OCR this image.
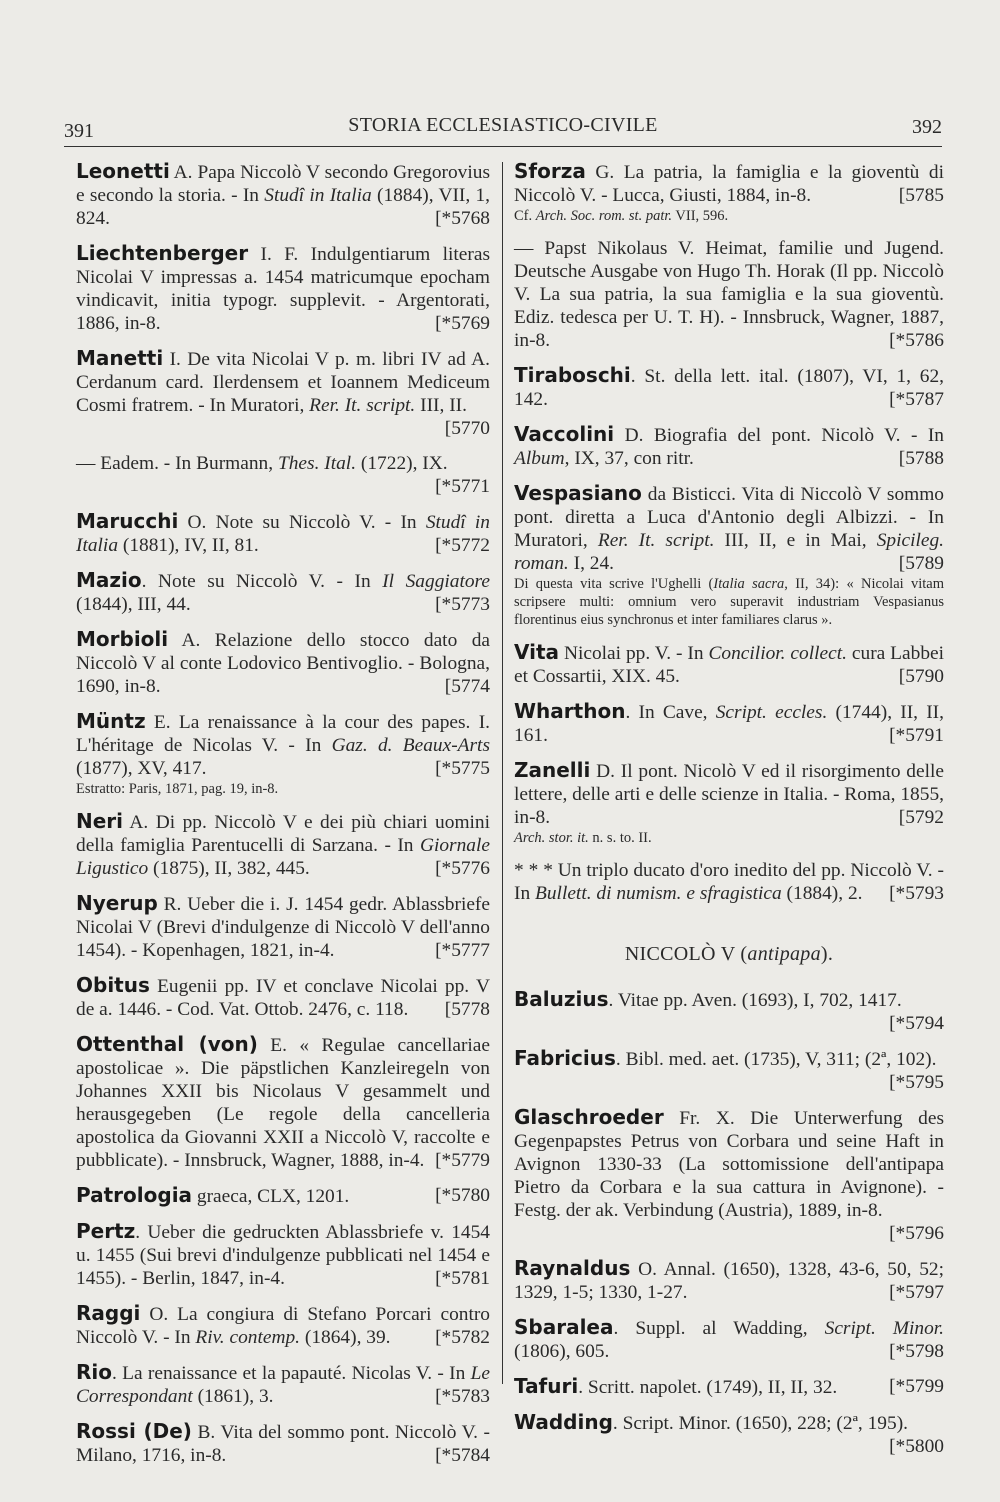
391	STORIA ECCLESIASTICO-CIVILE	392

Leonetti A. Papa Niccolò V secondo Gregorovius e secondo la storia. - In Studî in Italia (1884), VII, 1, 824.	[*5768

Liechtenberger I. F. Indulgentiarum literas Nicolai V impressas a. 1454 matricumque epocham vindicavit, initia typogr. supplevit. - Argentorati, 1886, in-8.	[*5769

Manetti I. De vita Nicolai V p. m. libri IV ad A. Cerdanum card. Ilerdensem et Ioannem Mediceum Cosmi fratrem. - In Muratori, Rer. It. script. III, II.
[5770

— Eadem. - In Burmann, Thes. Ital. (1722), IX.
[*5771

Marucchi O. Note su Niccolò V. - In Studî in Italia (1881), IV, II, 81.	[*5772

Mazio. Note su Niccolò V. - In Il Saggiatore (1844), III, 44.	[*5773

Morbioli A. Relazione dello stocco dato da Niccolò V al conte Lodovico Bentivoglio. - Bologna, 1690, in-8.	[5774

Müntz E. La renaissance à la cour des papes. I. L'héritage de Nicolas V. - In Gaz. d. Beaux-Arts (1877), XV, 417.	[*5775

Estratto: Paris, 1871, pag. 19, in-8.

Neri A. Di pp. Niccolò V e dei più chiari uomini della famiglia Parentucelli di Sarzana. - In Giornale Ligustico (1875), II, 382, 445.	[*5776

Nyerup R. Ueber die i. J. 1454 gedr. Ablassbriefe Nicolai V (Brevi d'indulgenze di Niccolò V dell'anno 1454). - Kopenhagen, 1821, in-4.	[*5777

Obitus Eugenii pp. IV et conclave Nicolai pp. V de a. 1446. - Cod. Vat. Ottob. 2476, c. 118. [5778

Ottenthal (von) E. « Regulae cancellariae apostolicae ». Die päpstlichen Kanzleiregeln von Johannes XXII bis Nicolaus V gesammelt und herausgegeben (Le regole della cancelleria apostolica da Giovanni XXII a Niccolò V, raccolte e pubblicate). - Innsbruck, Wagner, 1888, in-4. [*5779

Patrologia graeca, CLX, 1201.	[*5780

Pertz. Ueber die gedruckten Ablassbriefe v. 1454 u. 1455 (Sui brevi d'indulgenze pubblicati nel 1454 e 1455). - Berlin, 1847, in-4.	[*5781

Raggi O. La congiura di Stefano Porcari contro Niccolò V. - In Riv. contemp. (1864), 39. [*5782

Rio. La renaissance et la papauté. Nicolas V. - In Le Correspondant (1861), 3.	[*5783

Rossi (De) B. Vita del sommo pont. Niccolò V. - Milano, 1716, in-8.	[*5784

Sforza G. La patria, la famiglia e la gioventù di Niccolò V. - Lucca, Giusti, 1884, in-8.	[5785

Cf. Arch. Soc. rom. st. patr. VII, 596.

— Papst Nikolaus V. Heimat, familie und Jugend. Deutsche Ausgabe von Hugo Th. Horak (Il pp. Niccolò V. La sua patria, la sua famiglia e la sua gioventù. Ediz. tedesca per U. T. H). - Innsbruck, Wagner, 1887, in-8.	[*5786

Tiraboschi. St. della lett. ital. (1807), VI, 1, 62, 142.	[*5787

Vaccolini D. Biografia del pont. Nicolò V. - In Album, IX, 37, con ritr.	[5788

Vespasiano da Bisticci. Vita di Niccolò V sommo pont. diretta a Luca d'Antonio degli Albizzi. - In Muratori, Rer. It. script. III, II, e in Mai, Spicileg. roman. I, 24.	[5789

Di questa vita scrive l'Ughelli (Italia sacra, II, 34): « Nicolai vitam scripsere multi: omnium vero superavit industriam Vespasianus florentinus eius synchronus et inter familiares clarus ».

Vita Nicolai pp. V. - In Concilior. collect. cura Labbei et Cossartii, XIX. 45.	[5790

Wharthon. In Cave, Script. eccles. (1744), II, II, 161.	[*5791

Zanelli D. Il pont. Nicolò V ed il risorgimento delle lettere, delle arti e delle scienze in Italia. - Roma, 1855, in-8.	[5792

Arch. stor. it. n. s. to. II.

* * * Un triplo ducato d'oro inedito del pp. Niccolò V. - In Bullett. di numism. e sfragistica (1884), 2. [*5793

NICCOLÒ V (antipapa).

Baluzius. Vitae pp. Aven. (1693), I, 702, 1417.
[*5794

Fabricius. Bibl. med. aet. (1735), V, 311; (2ª, 102).
[*5795

Glaschroeder Fr. X. Die Unterwerfung des Gegenpapstes Petrus von Corbara und seine Haft in Avignon 1330-33 (La sottomissione dell'antipapa Pietro da Corbara e la sua cattura in Avignone). - Festg. der ak. Verbindung (Austria), 1889, in-8.
[*5796

Raynaldus O. Annal. (1650), 1328, 43-6, 50, 52; 1329, 1-5; 1330, 1-27.	[*5797

Sbaralea. Suppl. al Wadding, Script. Minor. (1806), 605.	[*5798

Tafuri. Scritt. napolet. (1749), II, II, 32.	[*5799

Wadding. Script. Minor. (1650), 228; (2ª, 195).
[*5800
